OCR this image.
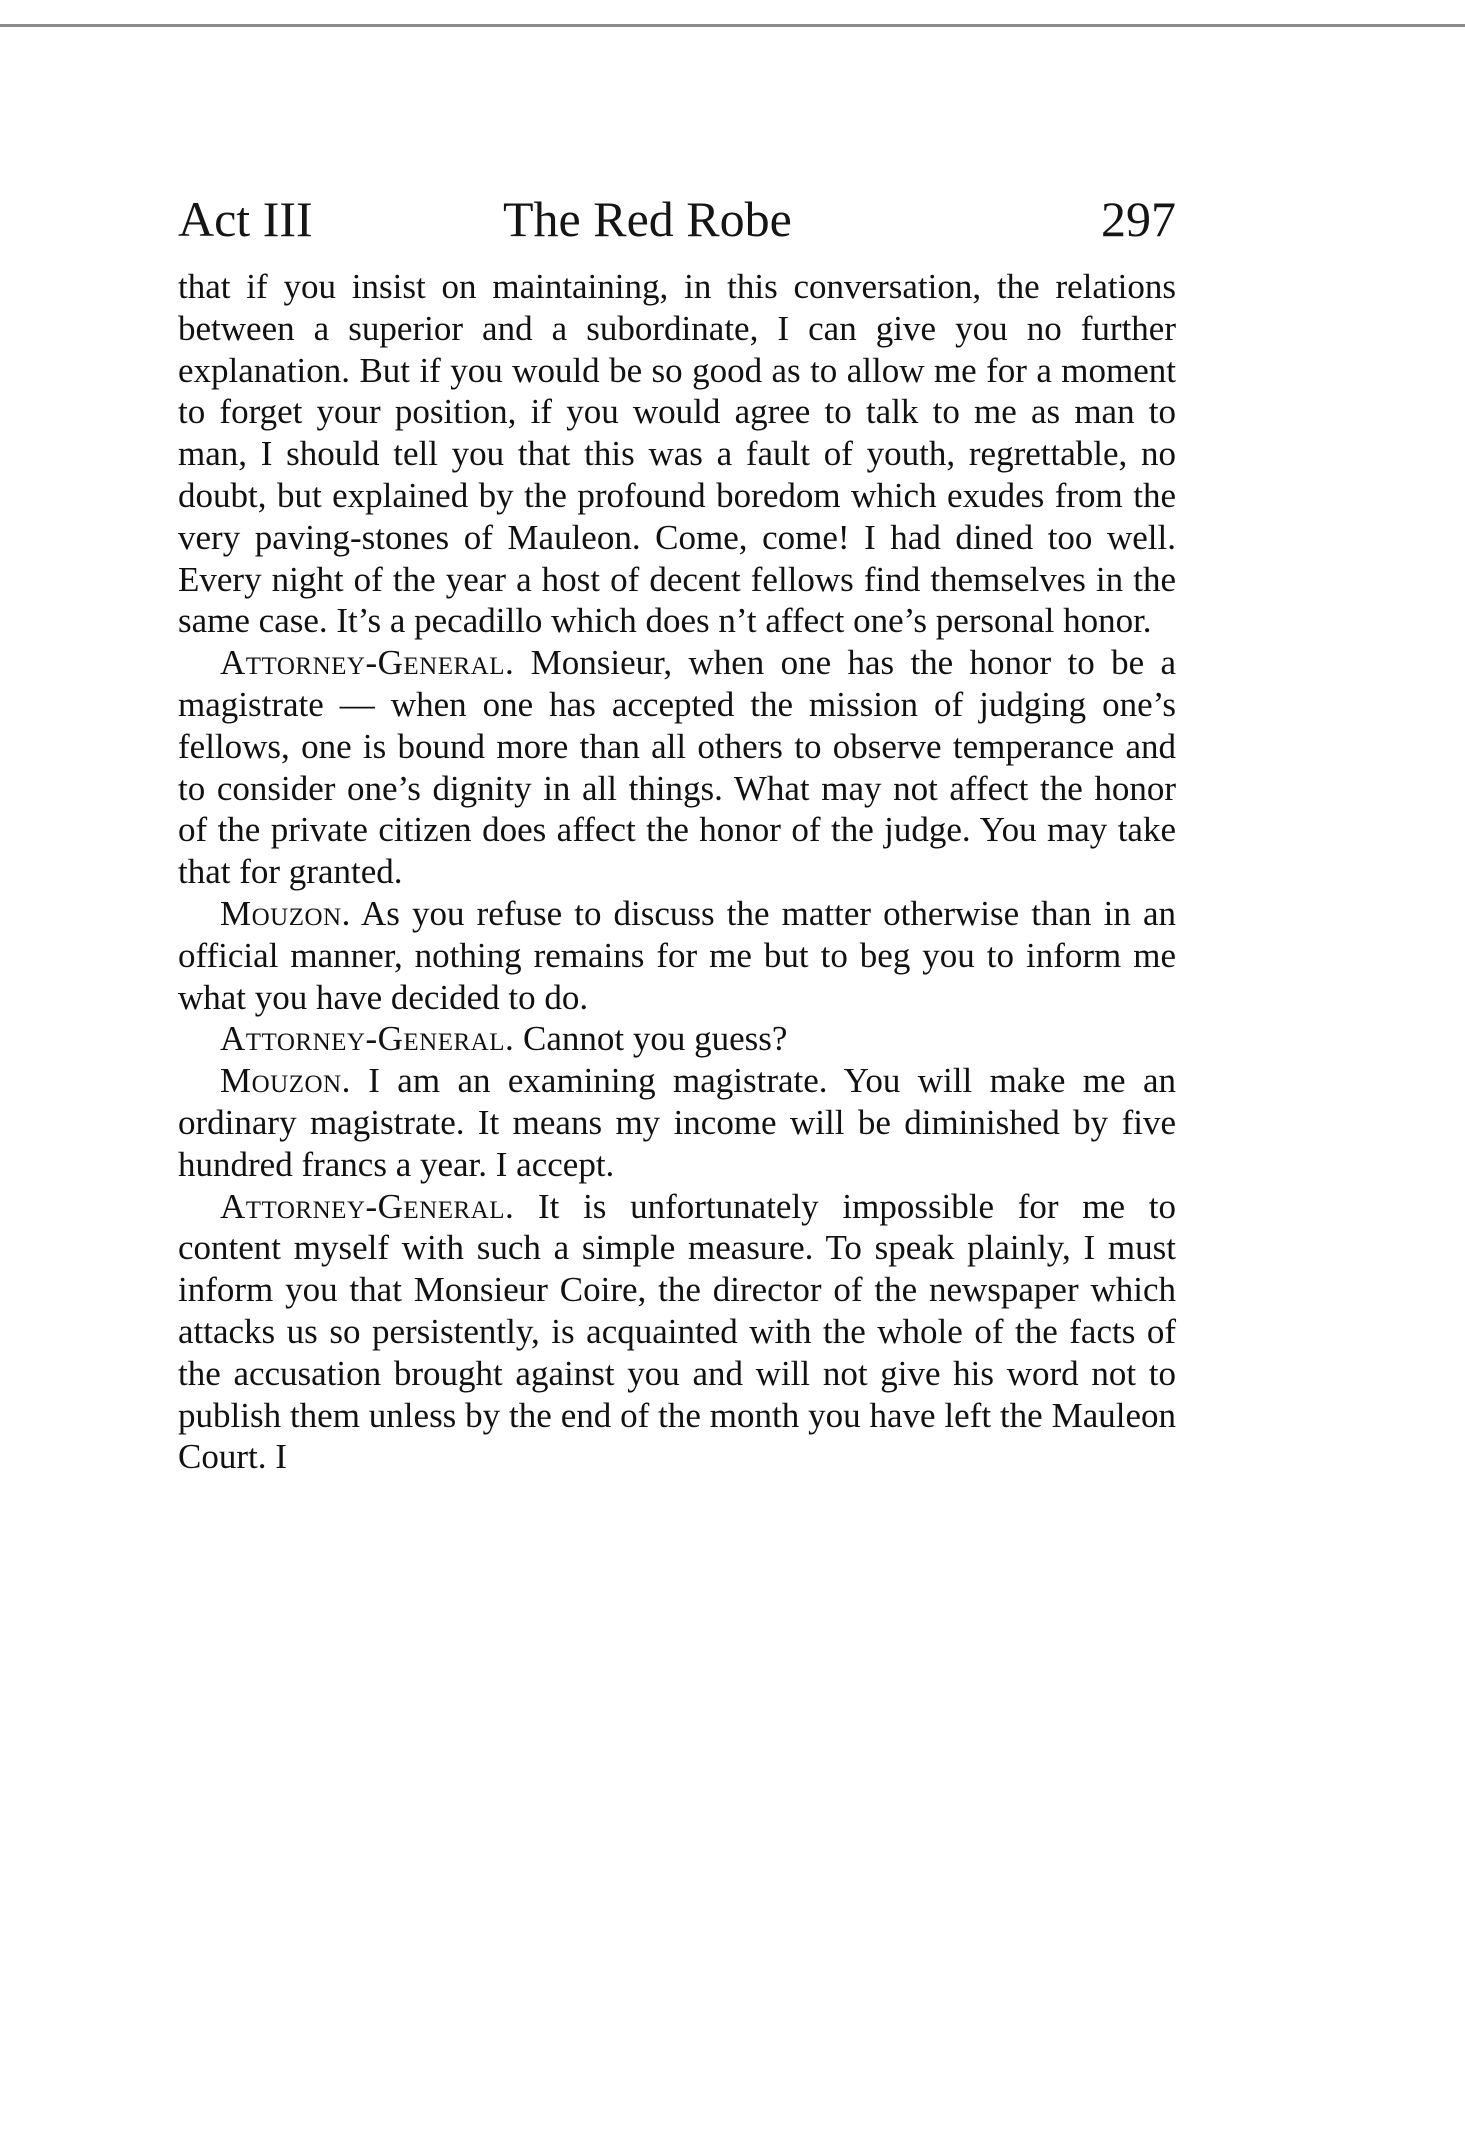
Act III	The Red Robe	297

that if you insist on maintaining, in this conversation, the relations between a superior and a subordinate, I can give you no further explanation. But if you would be so good as to allow me for a moment to forget your position, if you would agree to talk to me as man to man, I should tell you that this was a fault of youth, regrettable, no doubt, but explained by the profound boredom which exudes from the very paving-stones of Mauleon. Come, come! I had dined too well. Every night of the year a host of decent fellows find themselves in the same case. It’s a pecadillo which does n’t affect one’s personal honor.

Attorney-General. Monsieur, when one has the honor to be a magistrate — when one has accepted the mission of judging one’s fellows, one is bound more than all others to observe temperance and to consider one’s dignity in all things. What may not affect the honor of the private citizen does affect the honor of the judge. You may take that for granted.

Mouzon. As you refuse to discuss the matter otherwise than in an official manner, nothing remains for me but to beg you to inform me what you have decided to do.

Attorney-General. Cannot you guess?

Mouzon. I am an examining magistrate. You will make me an ordinary magistrate. It means my income will be diminished by five hundred francs a year. I accept.

Attorney-General. It is unfortunately impossible for me to content myself with such a simple measure. To speak plainly, I must inform you that Monsieur Coire, the director of the newspaper which attacks us so persistently, is acquainted with the whole of the facts of the accusation brought against you and will not give his word not to publish them unless by the end of the month you have left the Mauleon Court. I
